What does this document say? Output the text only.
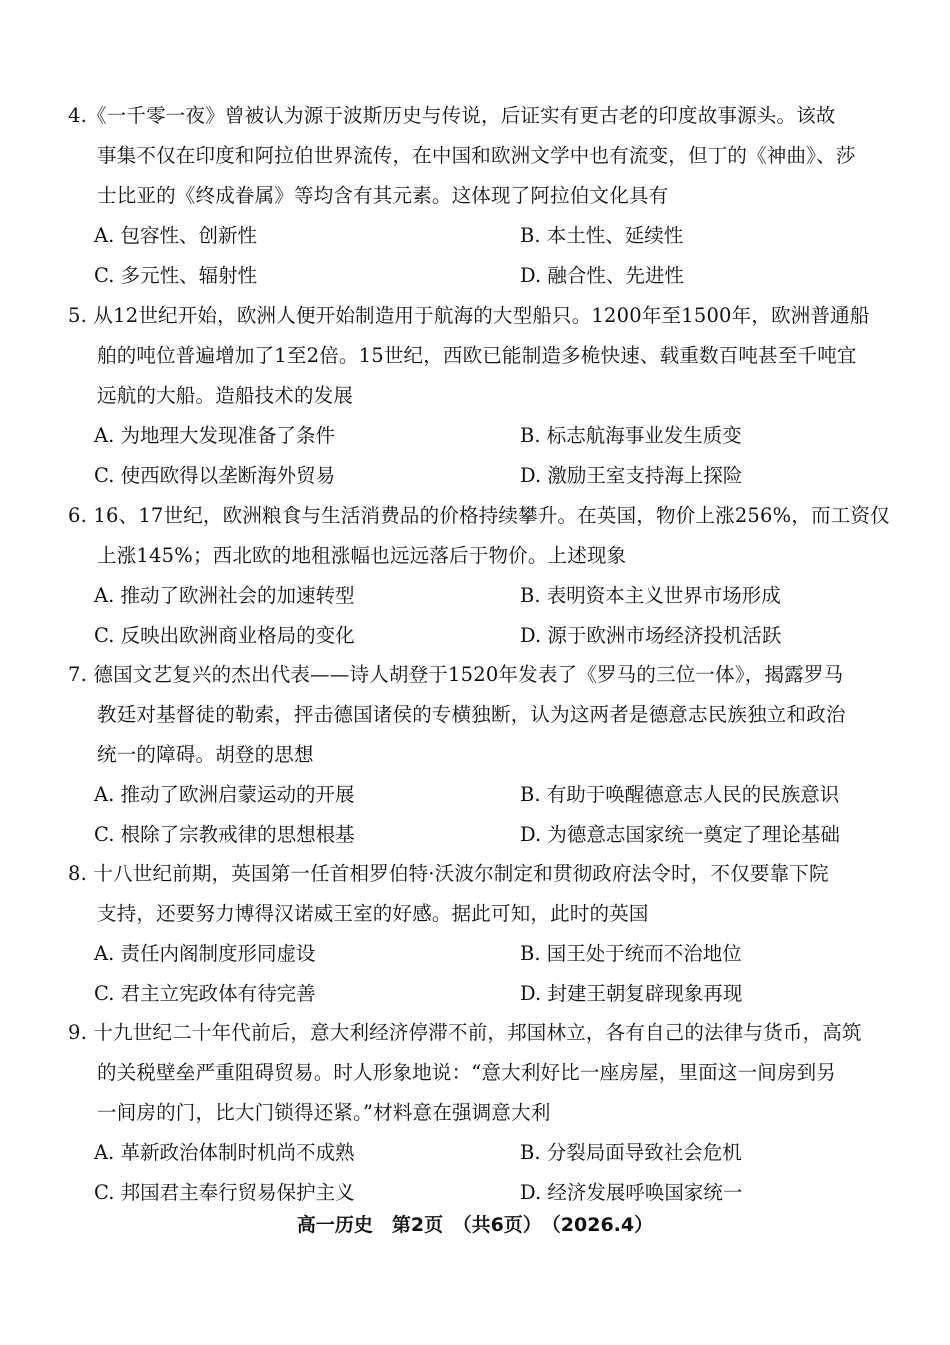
4.《一千零一夜》曾被认为源于波斯历史与传说，后证实有更古老的印度故事源头。该故
事集不仅在印度和阿拉伯世界流传，在中国和欧洲文学中也有流变，但丁的《神曲》、莎
士比亚的《终成眷属》等均含有其元素。这体现了阿拉伯文化具有
A. 包容性、创新性	B. 本土性、延续性
C. 多元性、辐射性	D. 融合性、先进性
5. 从12世纪开始，欧洲人便开始制造用于航海的大型船只。1200年至1500年，欧洲普通船
舶的吨位普遍增加了1至2倍。15世纪，西欧已能制造多桅快速、载重数百吨甚至千吨宜
远航的大船。造船技术的发展
A. 为地理大发现准备了条件	B. 标志航海事业发生质变
C. 使西欧得以垄断海外贸易	D. 激励王室支持海上探险
6. 16、17世纪，欧洲粮食与生活消费品的价格持续攀升。在英国，物价上涨256%，而工资仅
上涨145%；西北欧的地租涨幅也远远落后于物价。上述现象
A. 推动了欧洲社会的加速转型	B. 表明资本主义世界市场形成
C. 反映出欧洲商业格局的变化	D. 源于欧洲市场经济投机活跃
7. 德国文艺复兴的杰出代表——诗人胡登于1520年发表了《罗马的三位一体》，揭露罗马
教廷对基督徒的勒索，抨击德国诸侯的专横独断，认为这两者是德意志民族独立和政治
统一的障碍。胡登的思想
A. 推动了欧洲启蒙运动的开展	B. 有助于唤醒德意志人民的民族意识
C. 根除了宗教戒律的思想根基	D. 为德意志国家统一奠定了理论基础
8. 十八世纪前期，英国第一任首相罗伯特·沃波尔制定和贯彻政府法令时，不仅要靠下院
支持，还要努力博得汉诺威王室的好感。据此可知，此时的英国
A. 责任内阁制度形同虚设	B. 国王处于统而不治地位
C. 君主立宪政体有待完善	D. 封建王朝复辟现象再现
9. 十九世纪二十年代前后，意大利经济停滞不前，邦国林立，各有自己的法律与货币，高筑
的关税壁垒严重阻碍贸易。时人形象地说：“意大利好比一座房屋，里面这一间房到另
一间房的门，比大门锁得还紧。”材料意在强调意大利
A. 革新政治体制时机尚不成熟	B. 分裂局面导致社会危机
C. 邦国君主奉行贸易保护主义	D. 经济发展呼唤国家统一
高一历史　第2页　（共6页）　（2026.4）
